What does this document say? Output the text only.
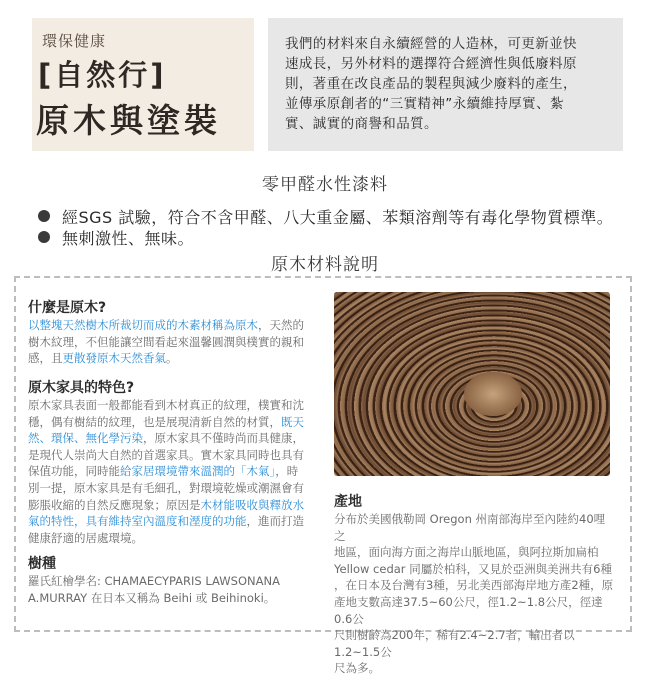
環保健康
[自然行]
原木與塗裝
我們的材料來自永續經營的人造林，可更新並快
速成長，另外材料的選擇符合經濟性與低廢料原
則，著重在改良產品的製程與減少廢料的產生，
並傳承原創者的“三實精神”永續維持厚實、紮
實、誠實的商譽和品質。
零甲醛水性漆料
經SGS 試驗，符合不含甲醛、八大重金屬、苯類溶劑等有毒化學物質標準。
無刺激性、無味。
原木材料說明

什麼是原木?

以整塊天然樹木所裁切而成的木素材稱為原木，天然的

樹木紋理，不但能讓空間看起來溫馨圓潤與樸實的親和

感，且更散發原木天然香氣。

原木家具的特色?

原木家具表面一般都能看到木材真正的紋理，樸實和沈

穩，偶有樹結的紋理，也是展現清新自然的材質，既天

然、環保、無化學污染，原木家具不僅時尚而具健康，

是現代人崇尚大自然的首選家具。實木家具同時也具有

保值功能，同時能給家居環境帶來溫潤的「木氣」，時

別一提，原木家具是有毛細孔，對環境乾燥或潮濕會有

膨脹收縮的自然反應現象；原因是木材能吸收與釋放水

氣的特性，具有維持室內溫度和溼度的功能，進而打造

健康舒適的居處環境。

樹種

羅氏紅檜學名: CHAMAECYPARIS LAWSONANA

A.MURRAY 在日本又稱為 Beihi 或 Beihinoki。

產地

分布於美國俄勒岡 Oregon 州南部海岸至內陸約40哩之

地區，面向海方面之海岸山脈地區，與阿拉斯加扁柏

Yellow cedar 同屬於柏科，又見於亞洲與美洲共有6種

，在日本及台灣有3種，另北美西部海岸地方產2種，原

產地支數高達37.5~60公尺，徑1.2~1.8公尺，徑達0.6公

尺則樹齡為200年，稀有2.4~2.7者，輸出者以1.2~1.5公

尺為多。
